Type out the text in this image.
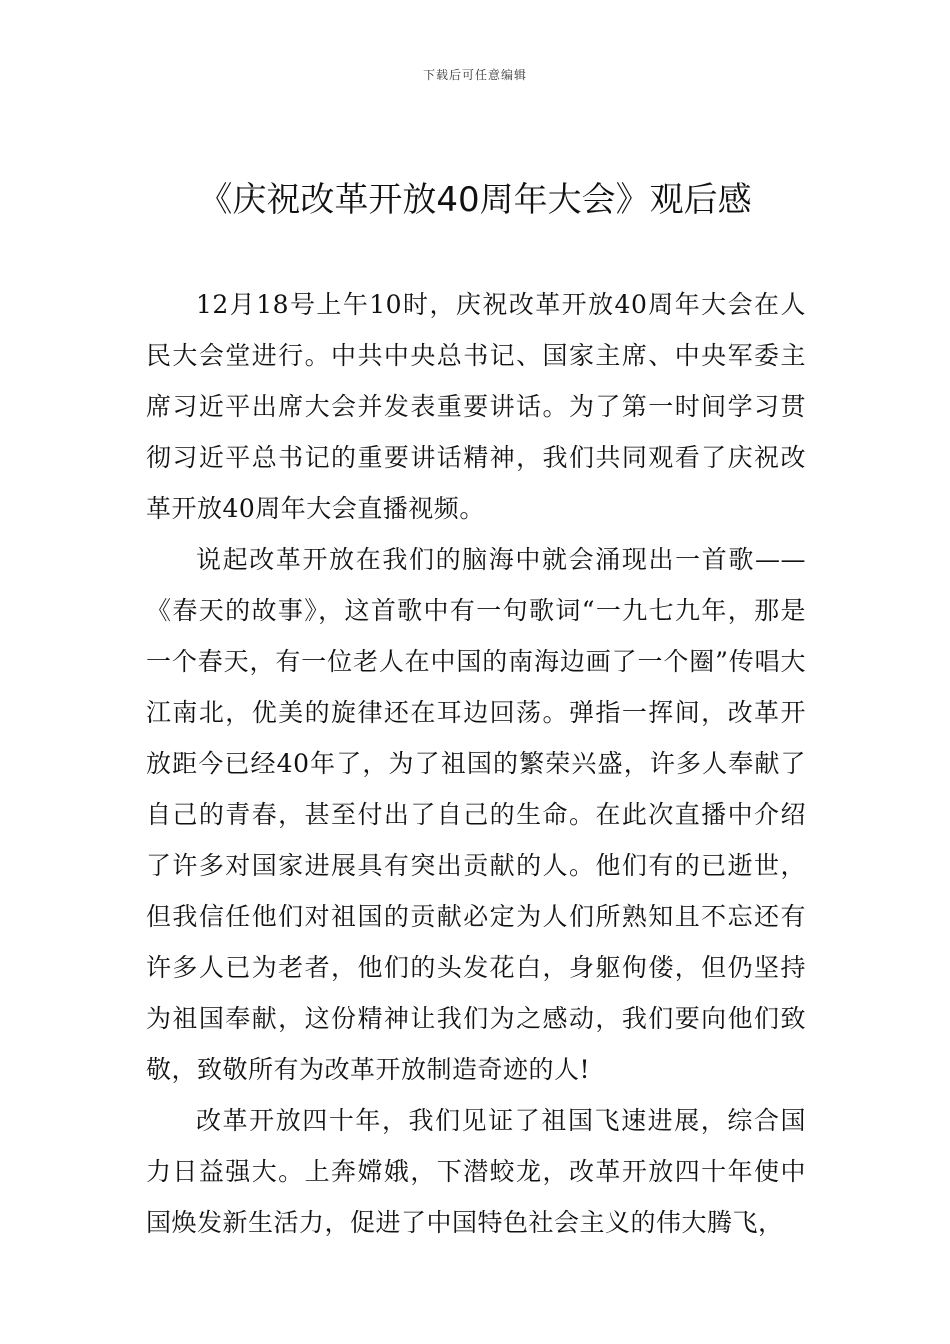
下载后可任意编辑
《庆祝改革开放40周年大会》观后感

12月18号上午10时，庆祝改革开放40周年大会在人民大会堂进行。中共中央总书记、国家主席、中央军委主席习近平出席大会并发表重要讲话。为了第一时间学习贯彻习近平总书记的重要讲话精神，我们共同观看了庆祝改革开放40周年大会直播视频。

说起改革开放在我们的脑海中就会涌现出一首歌——《春天的故事》，这首歌中有一句歌词“一九七九年，那是一个春天，有一位老人在中国的南海边画了一个圈”传唱大江南北，优美的旋律还在耳边回荡。弹指一挥间，改革开放距今已经40年了，为了祖国的繁荣兴盛，许多人奉献了自己的青春，甚至付出了自己的生命。在此次直播中介绍了许多对国家进展具有突出贡献的人。他们有的已逝世，但我信任他们对祖国的贡献必定为人们所熟知且不忘还有许多人已为老者，他们的头发花白，身躯佝偻，但仍坚持为祖国奉献，这份精神让我们为之感动，我们要向他们致敬，致敬所有为改革开放制造奇迹的人!

改革开放四十年，我们见证了祖国飞速进展，综合国力日益强大。上奔嫦娥，下潜蛟龙，改革开放四十年使中国焕发新生活力，促进了中国特色社会主义的伟大腾飞，
